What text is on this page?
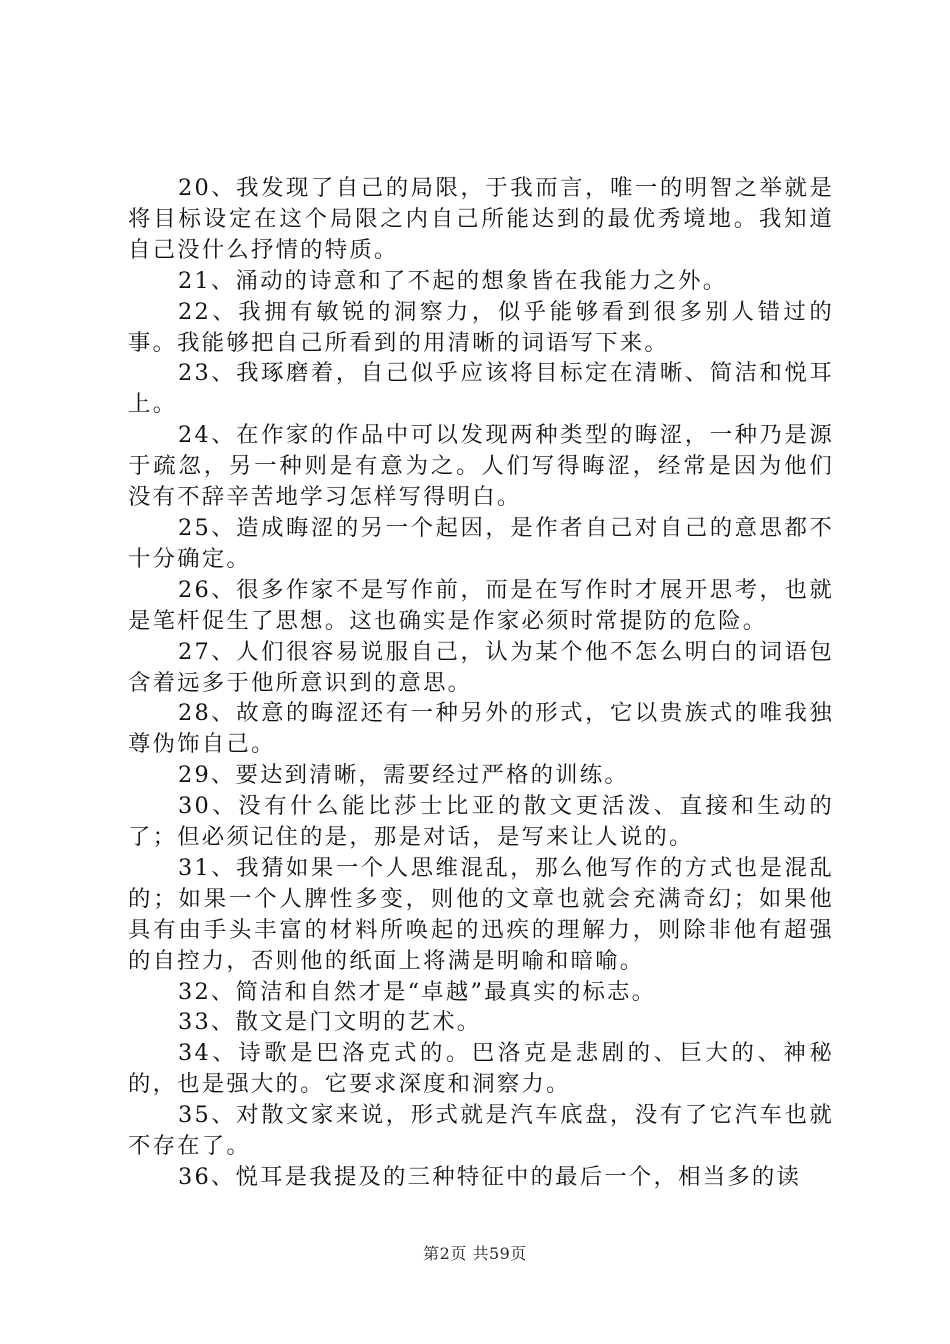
20、我发现了自己的局限，于我而言，唯一的明智之举就是将目标设定在这个局限之内自己所能达到的最优秀境地。我知道自己没什么抒情的特质。

21、涌动的诗意和了不起的想象皆在我能力之外。

22、我拥有敏锐的洞察力，似乎能够看到很多别人错过的事。我能够把自己所看到的用清晰的词语写下来。

23、我琢磨着，自己似乎应该将目标定在清晰、简洁和悦耳上。

24、在作家的作品中可以发现两种类型的晦涩，一种乃是源于疏忽，另一种则是有意为之。人们写得晦涩，经常是因为他们没有不辞辛苦地学习怎样写得明白。

25、造成晦涩的另一个起因，是作者自己对自己的意思都不十分确定。

26、很多作家不是写作前，而是在写作时才展开思考，也就是笔杆促生了思想。这也确实是作家必须时常提防的危险。

27、人们很容易说服自己，认为某个他不怎么明白的词语包含着远多于他所意识到的意思。

28、故意的晦涩还有一种另外的形式，它以贵族式的唯我独尊伪饰自己。

29、要达到清晰，需要经过严格的训练。

30、没有什么能比莎士比亚的散文更活泼、直接和生动的了；但必须记住的是，那是对话，是写来让人说的。

31、我猜如果一个人思维混乱，那么他写作的方式也是混乱的；如果一个人脾性多变，则他的文章也就会充满奇幻；如果他具有由手头丰富的材料所唤起的迅疾的理解力，则除非他有超强的自控力，否则他的纸面上将满是明喻和暗喻。

32、简洁和自然才是“卓越”最真实的标志。

33、散文是门文明的艺术。

34、诗歌是巴洛克式的。巴洛克是悲剧的、巨大的、神秘的，也是强大的。它要求深度和洞察力。

35、对散文家来说，形式就是汽车底盘，没有了它汽车也就不存在了。

36、悦耳是我提及的三种特征中的最后一个，相当多的读

第2页 共59页
